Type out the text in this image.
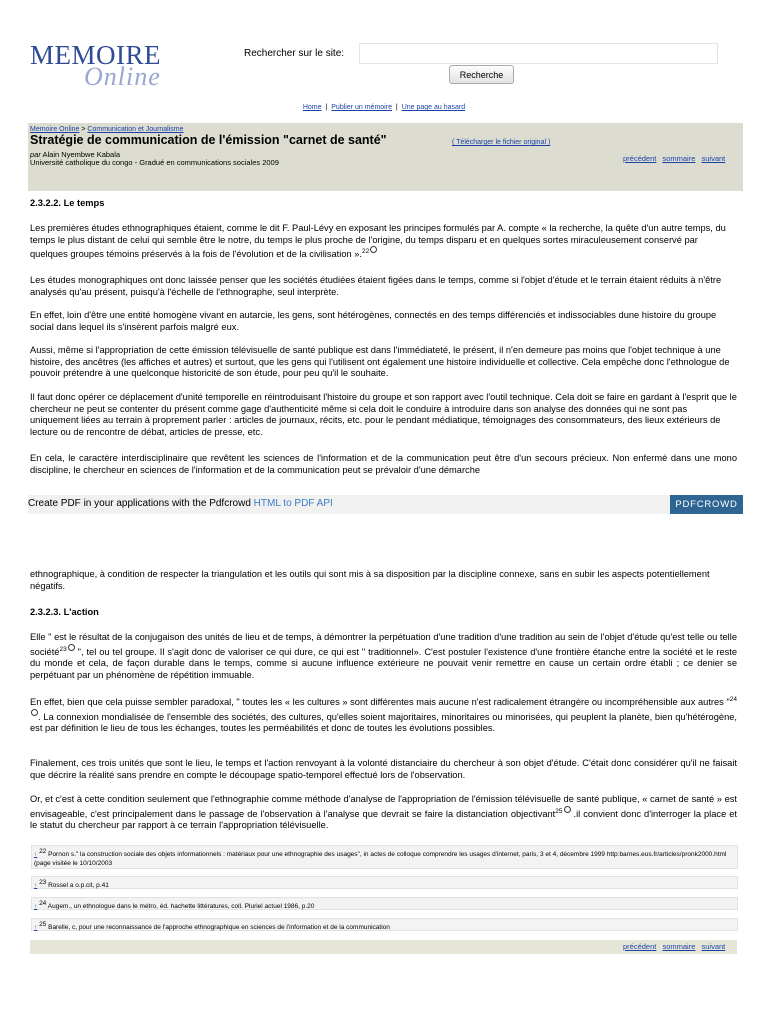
MEMOIRE
Online
Rechercher sur le site:
Recherche
Home | Publier un mémoire | Une page au hasard
Memoire Online > Communication et Journalisme
Stratégie de communication de l'émission "carnet de santé"	( Télécharger le fichier original )
par Alain Nyembwe Kabala
Université catholique du congo - Gradué en communications sociales 2009	précédent sommaire suivant
2.3.2.2. Le temps

Les premières études ethnographiques étaient, comme le dit F. Paul-Lévy en exposant les principes formulés par A. compte « la recherche, la quête d'un autre temps, du temps le plus distant de celui qui semble être le notre, du temps le plus proche de l'origine, du temps disparu et en quelques sortes miraculeusement conservé par quelques groupes témoins préservés à la fois de l'évolution et de la civilisation ».$^{22}$

Les études monographiques ont donc laissée penser que les sociétés étudiées étaient figées dans le temps, comme si l'objet d'étude et le terrain étaient réduits à n'être analysés qu'au présent, puisqu'à l'échelle de l'ethnographe, seul interprète.

En effet, loin d'être une entité homogène vivant en autarcie, les gens, sont hétérogènes, connectés en des temps différenciés et indissociables dune histoire du groupe social dans lequel ils s'insèrent parfois malgré eux.

Aussi, même si l'appropriation de cette émission télévisuelle de santé publique est dans l'immédiateté, le présent, il n'en demeure pas moins que l'objet technique à une histoire, des ancêtres (les affiches et autres) et surtout, que les gens qui l'utilisent ont également une histoire individuelle et collective. Cela empêche donc l'ethnologue de pouvoir prétendre à une quelconque historicité de son étude, pour peu qu'il le souhaite.

Il faut donc opérer ce déplacement d'unité temporelle en réintroduisant l'histoire du groupe et son rapport avec l'outil technique. Cela doit se faire en gardant à l'esprit que le chercheur ne peut se contenter du présent comme gage d'authenticité même si cela doit le conduire à introduire dans son analyse des données qui ne sont pas uniquement liées au terrain à proprement parler : articles de journaux, récits, etc. pour le pendant médiatique, témoignages des consommateurs, des lieux extérieurs de lecture ou de rencontre de débat, articles de presse, etc.

En cela, le caractère interdisciplinaire que revêtent les sciences de l'information et de la communication peut être d'un secours précieux. Non enfermé dans une mono discipline, le chercheur en sciences de l'information et de la communication peut se prévaloir d'une démarche

Create PDF in your applications with the Pdfcrowd HTML to PDF API	PDFCROWD

ethnographique, à condition de respecter la triangulation et les outils qui sont mis à sa disposition par la discipline connexe, sans en subir les aspects potentiellement négatifs.

2.3.2.3. L'action

Elle " est le résultat de la conjugaison des unités de lieu et de temps, à démontrer la perpétuation d'une tradition d'une tradition au sein de l'objet d'étude qu'est telle ou telle société$^{23}$ ", tel ou tel groupe. Il s'agit donc de valoriser ce qui dure, ce qui est " traditionnel». C'est postuler l'existence d'une frontière étanche entre la société et le reste du monde et cela, de façon durable dans le temps, comme si aucune influence extérieure ne pouvait venir remettre en cause un certain ordre établi ; ce denier se perpétuant par un phénomène de répétition immuable.

En effet, bien que cela puisse sembler paradoxal, " toutes les « les cultures » sont différentes mais aucune n'est radicalement étrangère ou incompréhensible aux autres "$^{24}$. La connexion mondialisée de l'ensemble des sociétés, des cultures, qu'elles soient majoritaires, minoritaires ou minorisées, qui peuplent la planète, bien qu'hétérogène, est par définition le lieu de tous les échanges, toutes les perméabilités et donc de toutes les évolutions possibles.

Finalement, ces trois unités que sont le lieu, le temps et l'action renvoyant à la volonté distanciaire du chercheur à son objet d'étude. C'était donc considérer qu'il ne faisait que décrire la réalité sans prendre en compte le découpage spatio-temporel effectué lors de l'observation.

Or, et c'est à cette condition seulement que l'ethnographie comme méthode d'analyse de l'appropriation de l'émission télévisuelle de santé publique, « carnet de santé » est envisageable, c'est principalement dans le passage de l'observation à l'analyse que devrait se faire la distanciation objectivant$^{25}$ .il convient donc d'interroger la place et le statut du chercheur par rapport à ce terrain l'appropriation télévisuelle.

↑ $^{22}$ Pornon s." la construction sociale des objets informationnels : matériaux pour une ethnographie des usages", in actes de colloque comprendre les usages d'internet, paris, 3 et 4, décembre 1999 http:barnes.eus.fr/articles/pronk2000.html (page visitée le 10/10/2003
↑ $^{23}$ Rossel a o.p.cit, p.41
↑ $^{24}$ Augem., un ethnologue dans le métro, éd. hachette littératures, coll. Pluriel actuel 1986, p.20
↑ $^{25}$ Barelle, c, pour une reconnaissance de l'approche ethnographique en sciences de l'information et de la communication
précédent sommaire suivant
